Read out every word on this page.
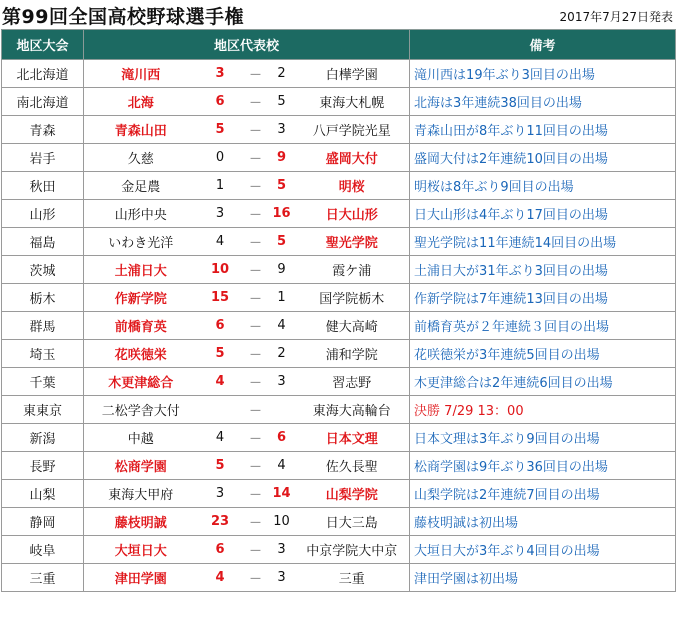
第99回全国高校野球選手権	2017年7月27日発表
地区大会	地区代表校					備考
北北海道	滝川西	3	－	2	白樺学園	滝川西は19年ぶり3回目の出場
南北海道	北海	6	－	5	東海大札幌	北海は3年連続38回目の出場
青森	青森山田	5	－	3	八戸学院光星	青森山田が8年ぶり11回目の出場
岩手	久慈	0	－	9	盛岡大付	盛岡大付は2年連続10回目の出場
秋田	金足農	1	－	5	明桜	明桜は8年ぶり9回目の出場
山形	山形中央	3	－	16	日大山形	日大山形は4年ぶり17回目の出場
福島	いわき光洋	4	－	5	聖光学院	聖光学院は11年連続14回目の出場
茨城	土浦日大	10	－	9	霞ケ浦	土浦日大が31年ぶり3回目の出場
栃木	作新学院	15	－	1	国学院栃木	作新学院は7年連続13回目の出場
群馬	前橋育英	6	－	4	健大高崎	前橋育英が２年連続３回目の出場
埼玉	花咲徳栄	5	－	2	浦和学院	花咲徳栄が3年連続5回目の出場
千葉	木更津総合	4	－	3	習志野	木更津総合は2年連続6回目の出場
東東京	二松学舎大付		－		東海大高輪台	決勝 7/29 13：00
新潟	中越	4	－	6	日本文理	日本文理は3年ぶり9回目の出場
長野	松商学園	5	－	4	佐久長聖	松商学園は9年ぶり36回目の出場
山梨	東海大甲府	3	－	14	山梨学院	山梨学院は2年連続7回目の出場
静岡	藤枝明誠	23	－	10	日大三島	藤枝明誠は初出場
岐阜	大垣日大	6	－	3	中京学院大中京	大垣日大が3年ぶり4回目の出場
三重	津田学園	4	－	3	三重	津田学園は初出場
